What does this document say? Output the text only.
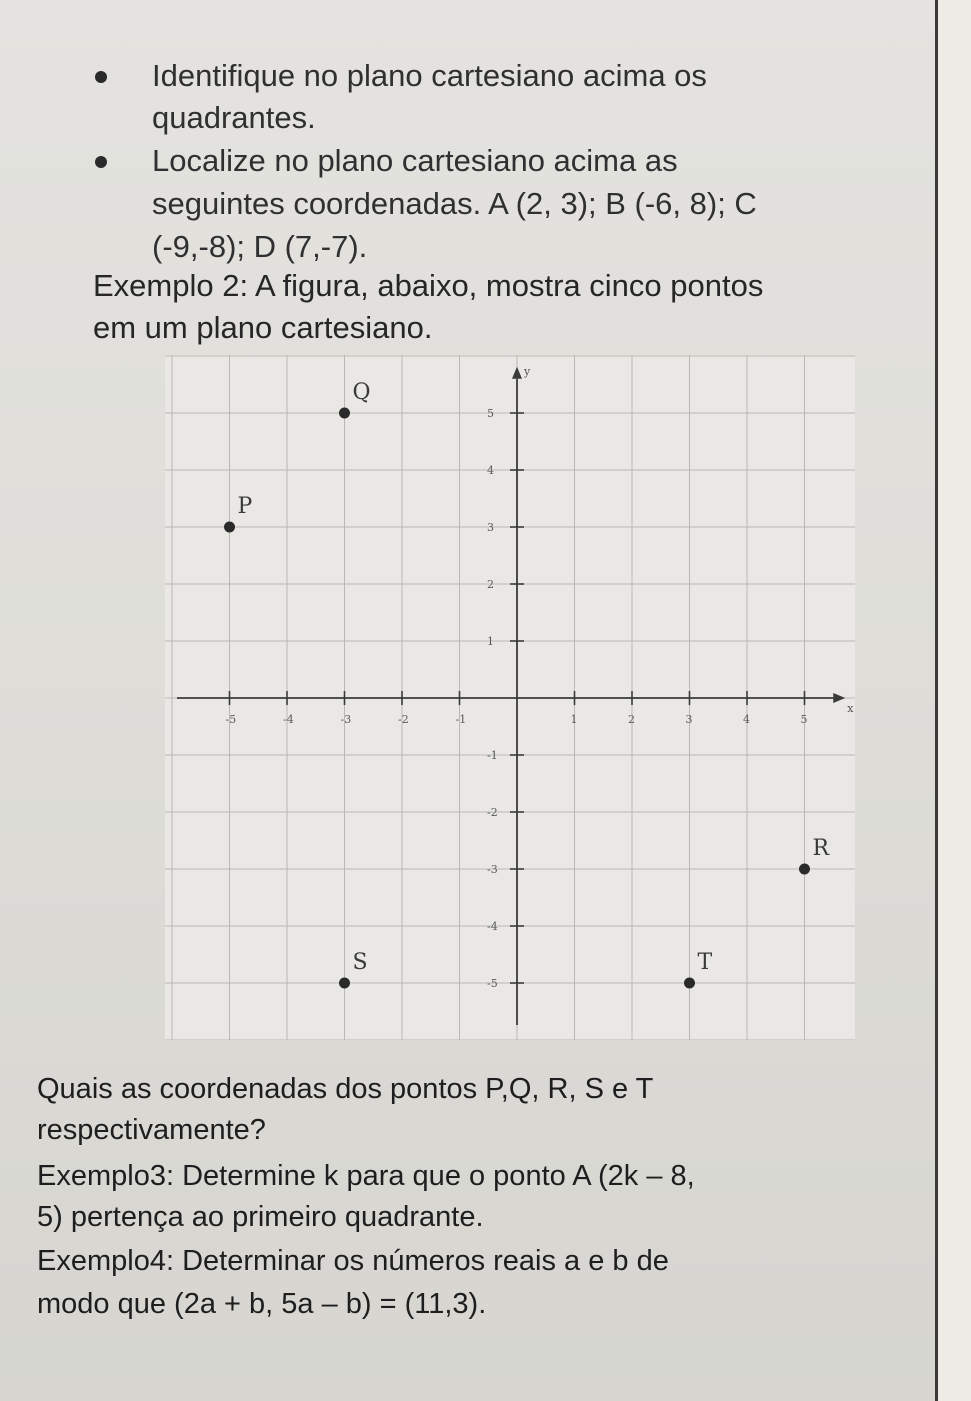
Identifique no plano cartesiano acima os
quadrantes.
Localize no plano cartesiano acima as
seguintes coordenadas. A (2, 3); B (-6, 8); C
(-9,-8); D (7,-7).
Exemplo 2: A figura, abaixo, mostra cinco pontos
em um plano cartesiano.
y
x
-5	-4	-3	-2	-1	1	2	3	4	5
5
4
3
2
1
-1
-2
-3
-4
-5
Q
P
R
S	T
Quais as coordenadas dos pontos P,Q, R, S e T
respectivamente?
Exemplo3: Determine k para que o ponto A (2k – 8,
5) pertença ao primeiro quadrante.
Exemplo4: Determinar os números reais a e b de
modo que (2a + b, 5a – b) = (11,3).
